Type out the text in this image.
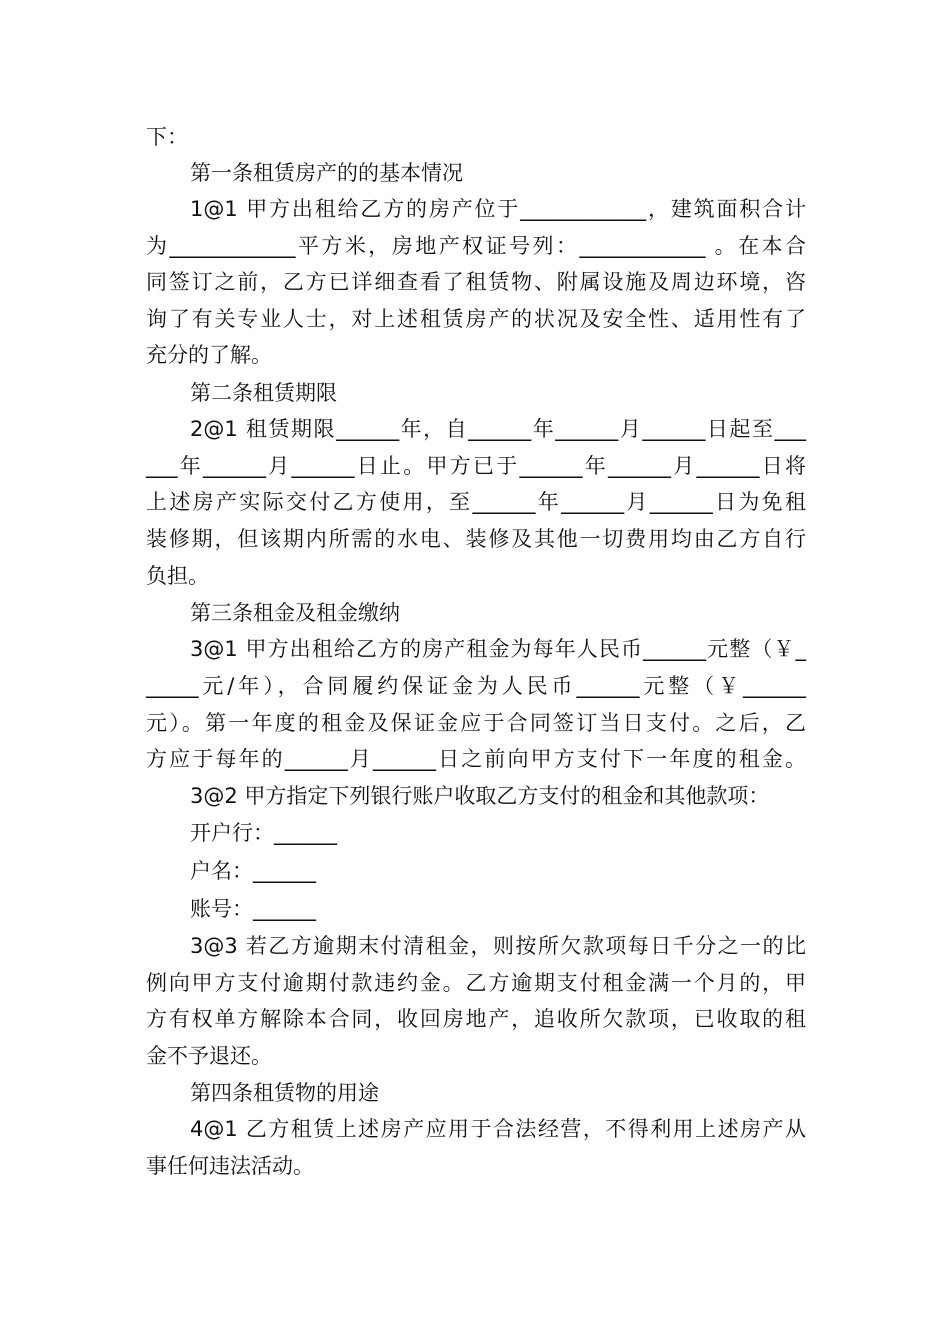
下：
第一条租赁房产的的基本情况
1@1 甲方出租给乙方的房产位于____________，建筑面积合计
为____________平方米，房地产权证号列：____________ 。在本合
同签订之前，乙方已详细查看了租赁物、附属设施及周边环境，咨
询了有关专业人士，对上述租赁房产的状况及安全性、适用性有了
充分的了解。
第二条租赁期限
2@1 租赁期限______年，自______年______月______日起至___
___年______月______日止。甲方已于______年______月______日将
上述房产实际交付乙方使用，至______年______月______日为免租
装修期，但该期内所需的水电、装修及其他一切费用均由乙方自行
负担。
第三条租金及租金缴纳
3@1 甲方出租给乙方的房产租金为每年人民币______元整（￥_
_____元/年），合同履约保证金为人民币______元整（￥______
元）。第一年度的租金及保证金应于合同签订当日支付。之后，乙
方应于每年的______月______日之前向甲方支付下一年度的租金。
3@2 甲方指定下列银行账户收取乙方支付的租金和其他款项：
开户行：______
户名：______
账号：______
3@3 若乙方逾期末付清租金，则按所欠款项每日千分之一的比
例向甲方支付逾期付款违约金。乙方逾期支付租金满一个月的，甲
方有权单方解除本合同，收回房地产，追收所欠款项，已收取的租
金不予退还。
第四条租赁物的用途
4@1 乙方租赁上述房产应用于合法经营，不得利用上述房产从
事任何违法活动。
